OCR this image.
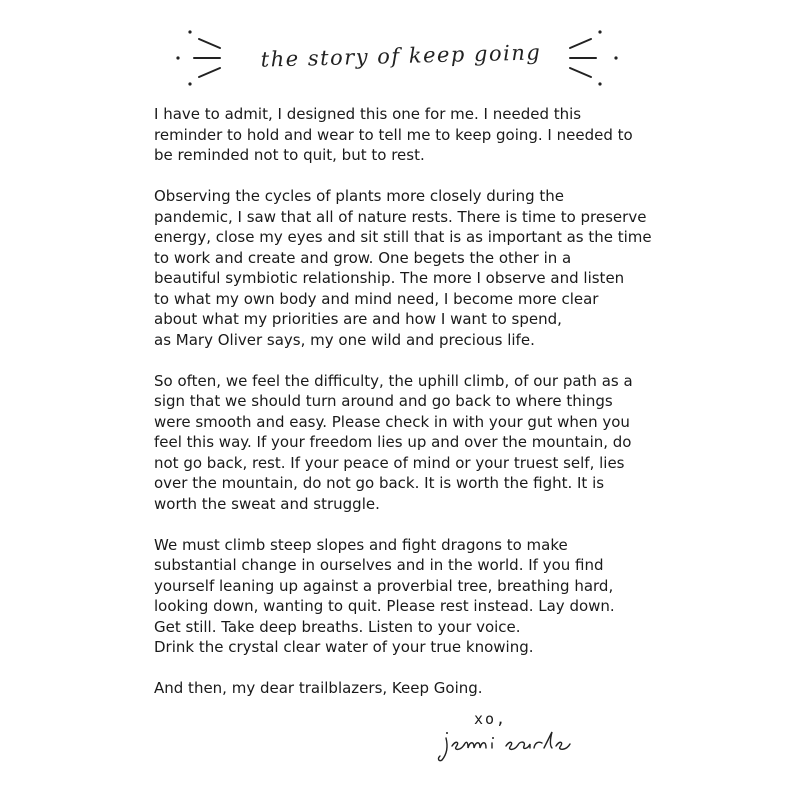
the story of keep going

I have to admit, I designed this one for me. I needed this
reminder to hold and wear to tell me to keep going. I needed to
be reminded not to quit, but to rest.

Observing the cycles of plants more closely during the
pandemic, I saw that all of nature rests. There is time to preserve
energy, close my eyes and sit still that is as important as the time
to work and create and grow. One begets the other in a
beautiful symbiotic relationship. The more I observe and listen
to what my own body and mind need, I become more clear
about what my priorities are and how I want to spend,
as Mary Oliver says, my one wild and precious life.

So often, we feel the difficulty, the uphill climb, of our path as a
sign that we should turn around and go back to where things
were smooth and easy. Please check in with your gut when you
feel this way. If your freedom lies up and over the mountain, do
not go back, rest. If your peace of mind or your truest self, lies
over the mountain, do not go back. It is worth the fight. It is
worth the sweat and struggle.

We must climb steep slopes and fight dragons to make
substantial change in ourselves and in the world. If you find
yourself leaning up against a proverbial tree, breathing hard,
looking down, wanting to quit. Please rest instead. Lay down.
Get still. Take deep breaths. Listen to your voice.
Drink the crystal clear water of your true knowing.

And then, my dear trailblazers, Keep Going.

xo,
